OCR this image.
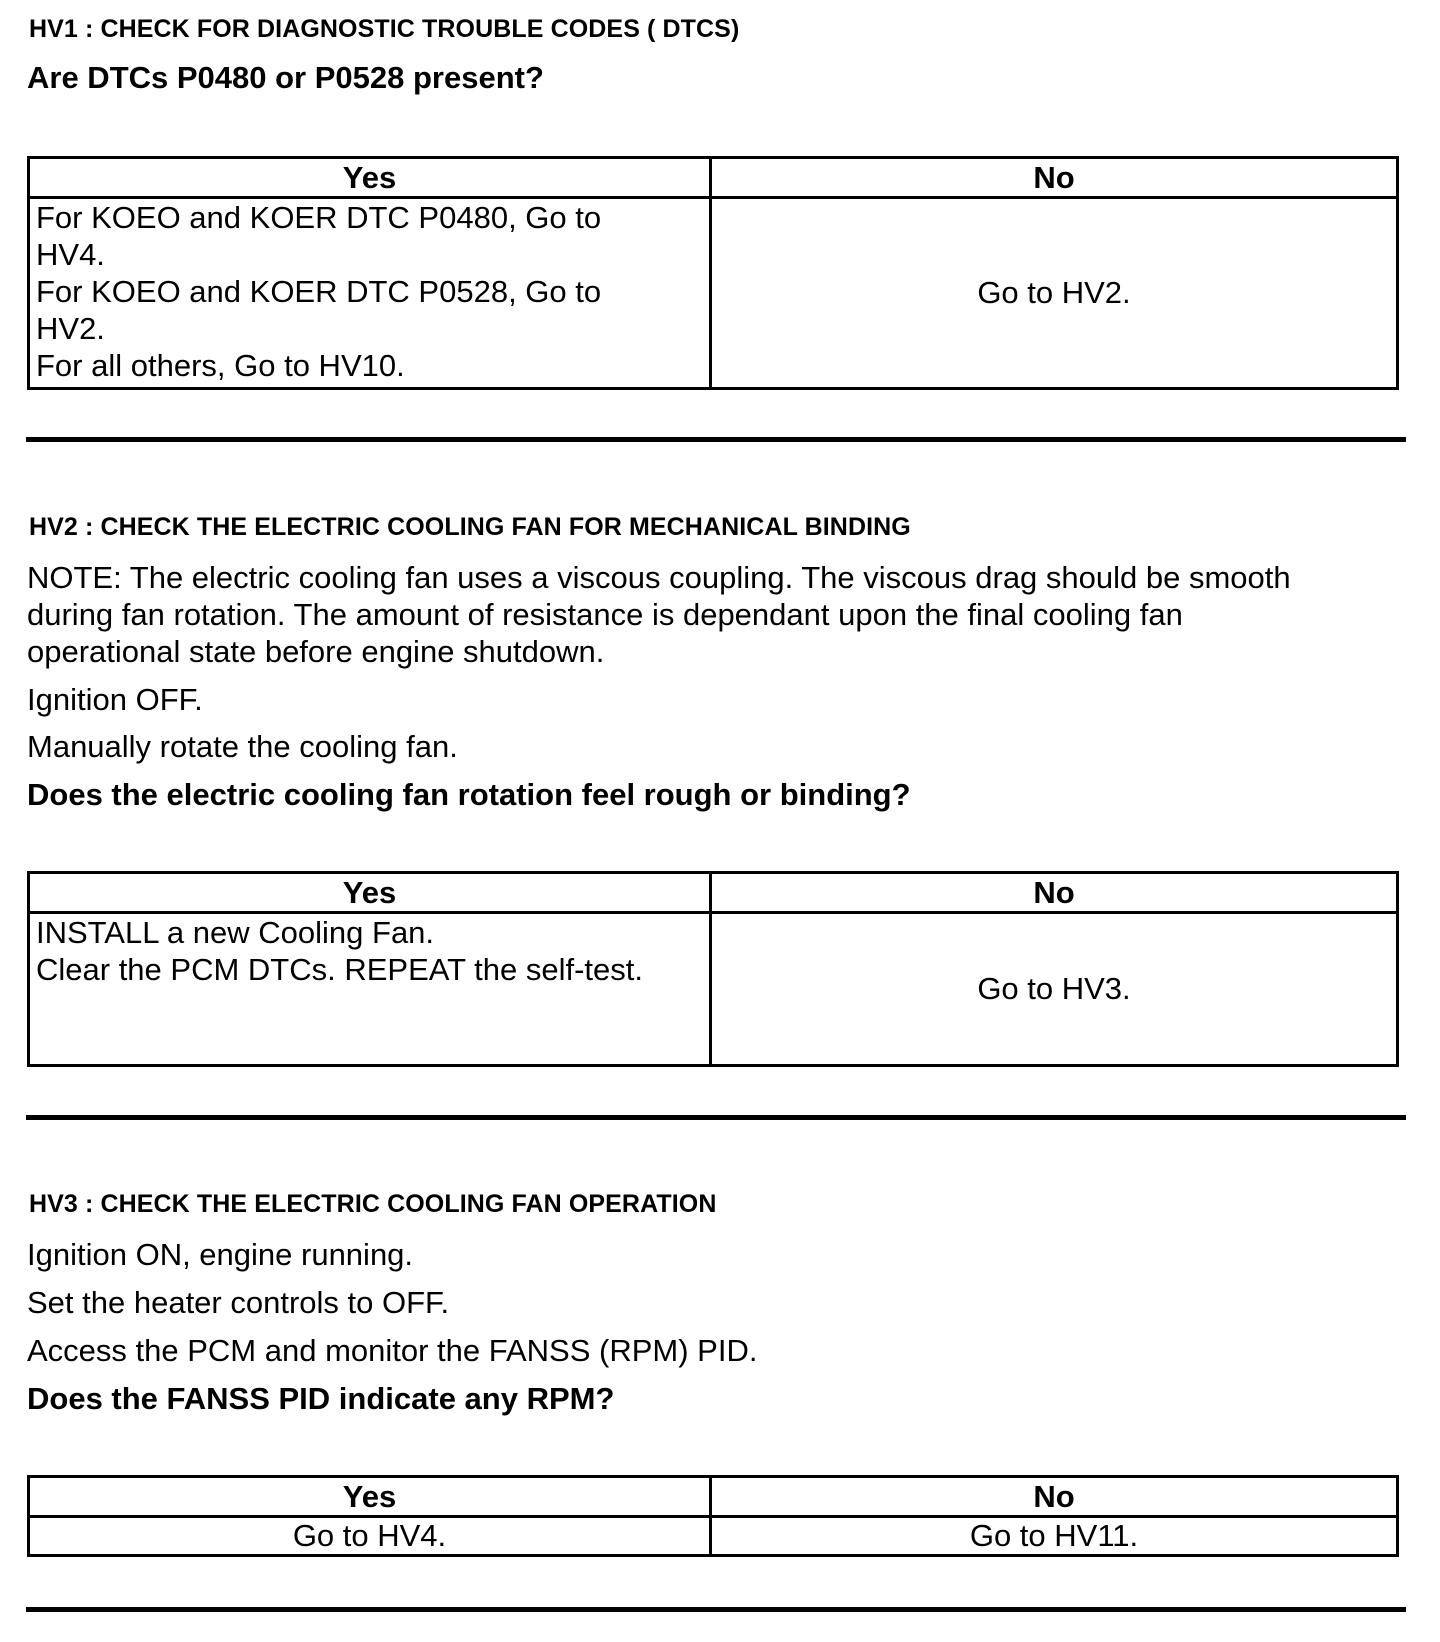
HV1 : CHECK FOR DIAGNOSTIC TROUBLE CODES ( DTCS)
Are DTCs P0480 or P0528 present?
Yes	No

For KOEO and KOER DTC P0480, Go to
HV4.
For KOEO and KOER DTC P0528, Go to
HV2.
For all others, Go to HV10.	Go to HV2.
HV2 : CHECK THE ELECTRIC COOLING FAN FOR MECHANICAL BINDING
NOTE: The electric cooling fan uses a viscous coupling. The viscous drag should be smooth
during fan rotation. The amount of resistance is dependant upon the final cooling fan
operational state before engine shutdown.
Ignition OFF.
Manually rotate the cooling fan.
Does the electric cooling fan rotation feel rough or binding?
Yes	No

INSTALL a new Cooling Fan.
Clear the PCM DTCs. REPEAT the self-test.	Go to HV3.
HV3 : CHECK THE ELECTRIC COOLING FAN OPERATION
Ignition ON, engine running.
Set the heater controls to OFF.
Access the PCM and monitor the FANSS (RPM) PID.
Does the FANSS PID indicate any RPM?
Yes	No
Go to HV4.	Go to HV11.
